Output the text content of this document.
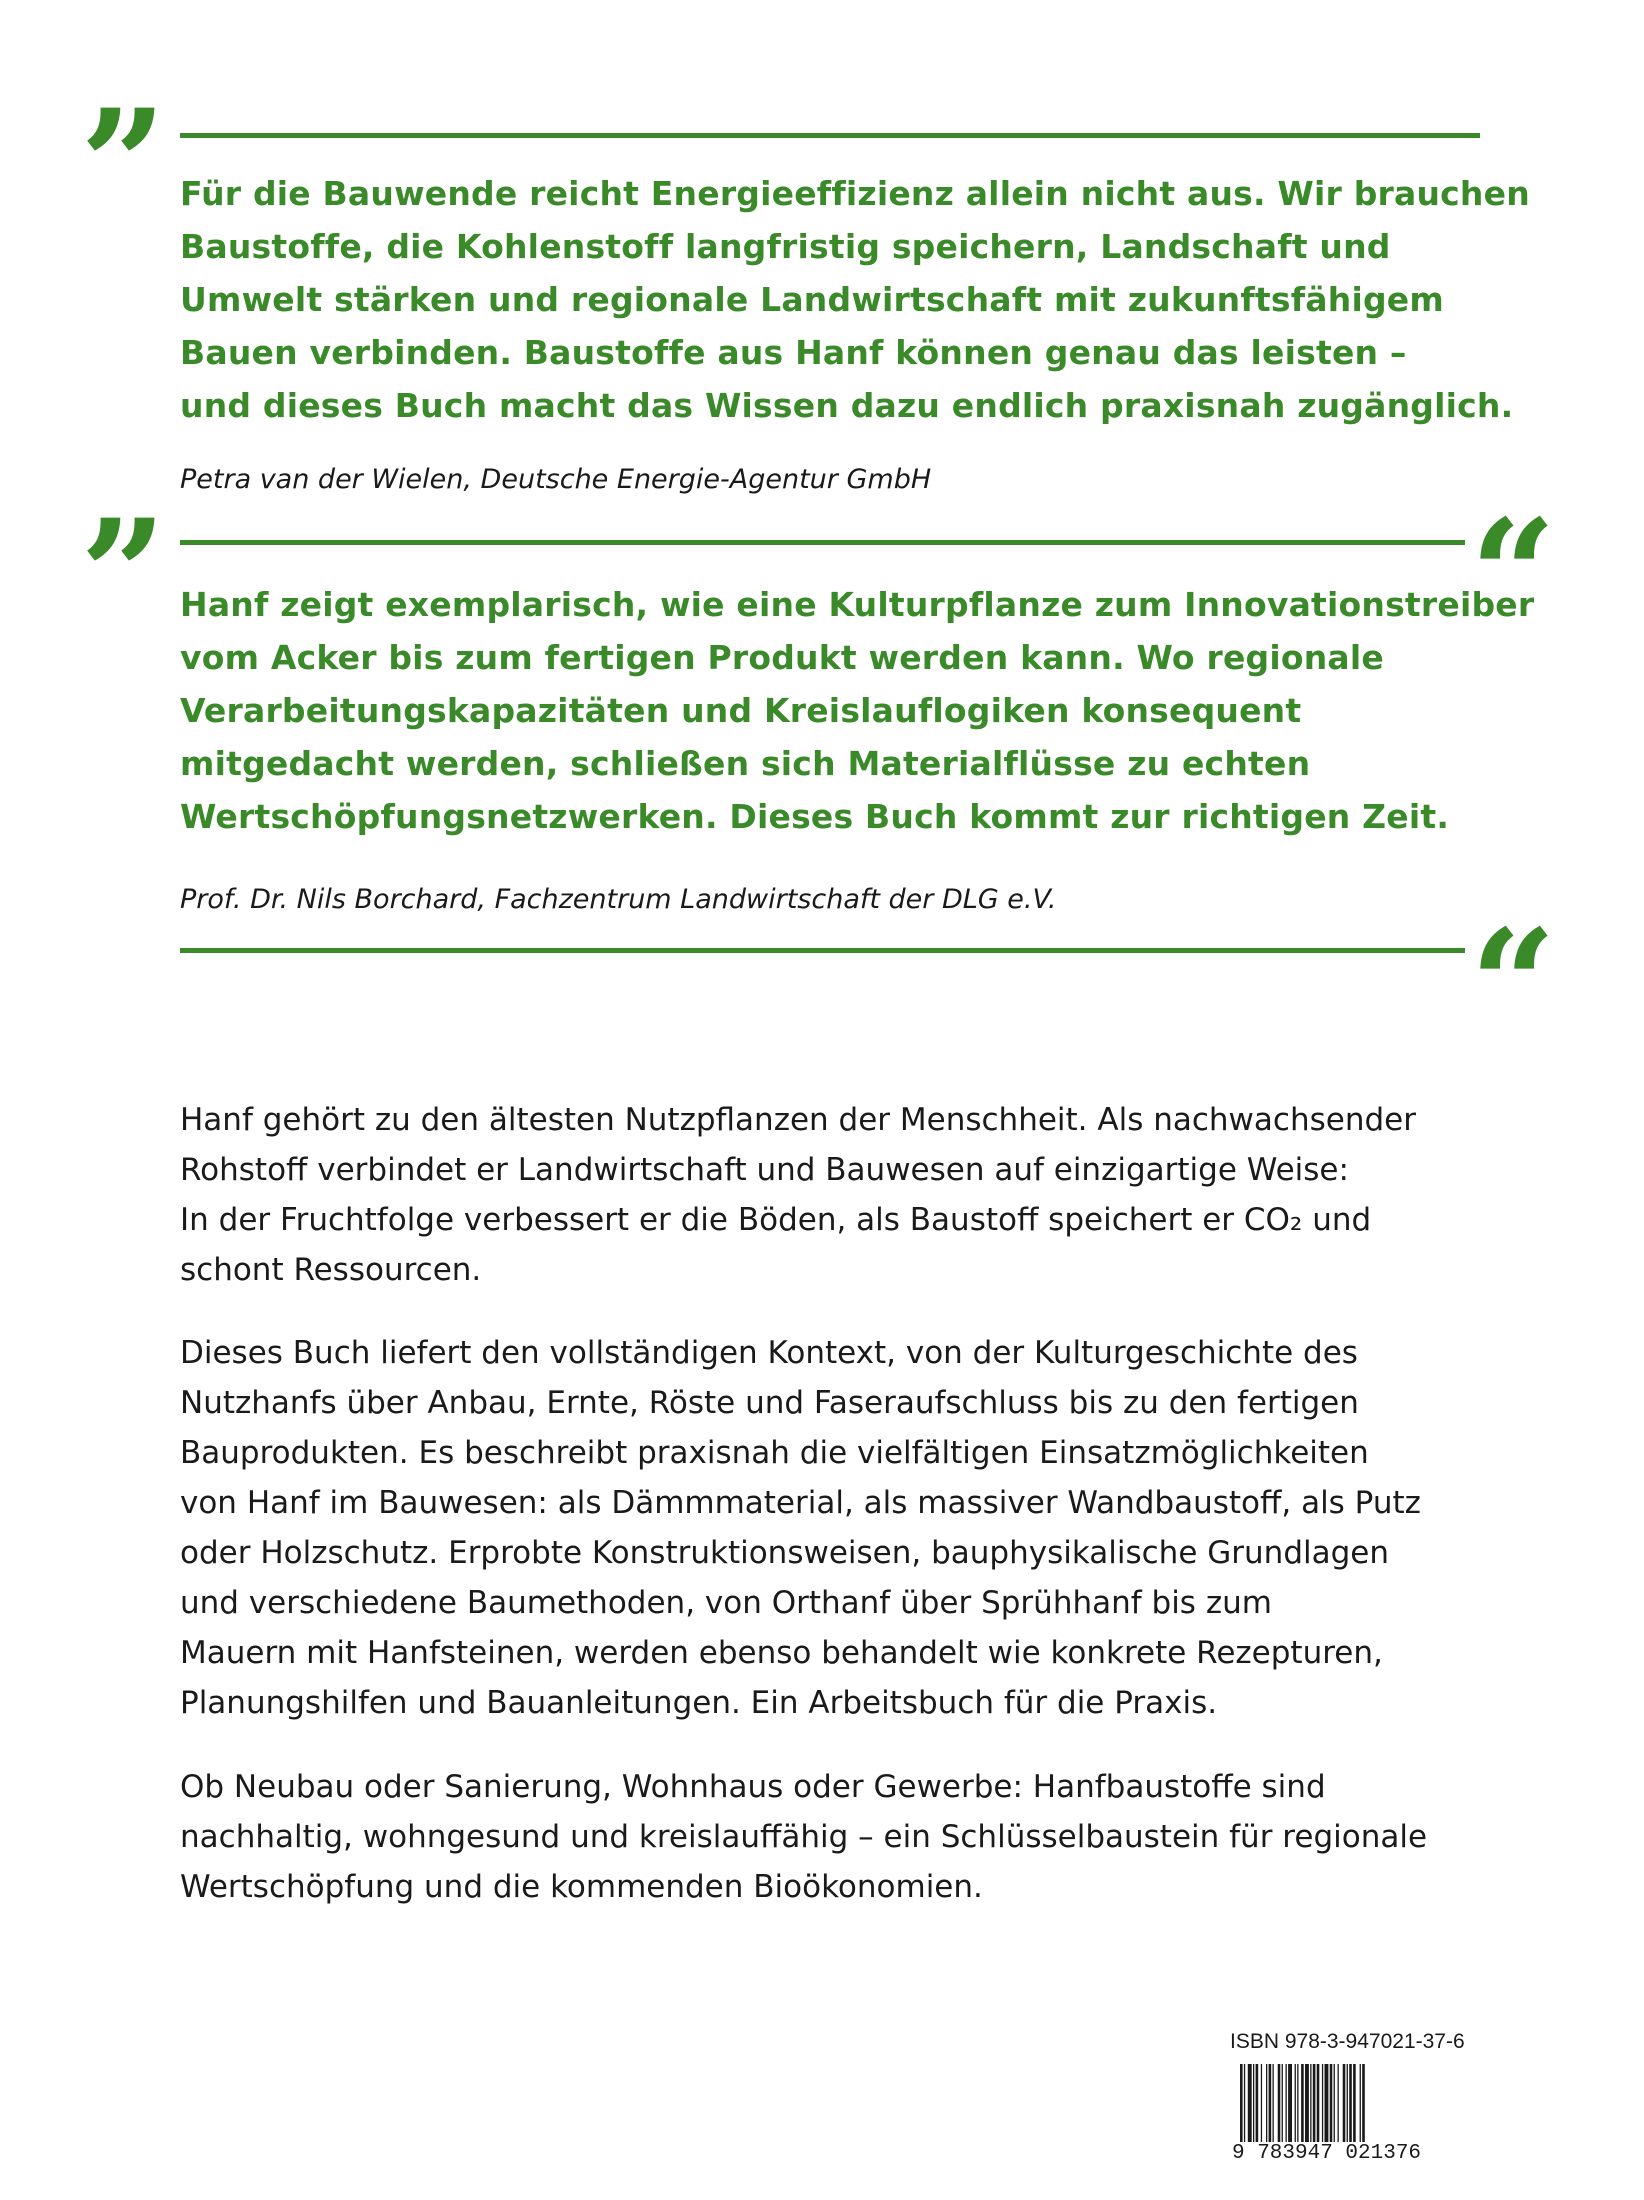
” Für die Bauwende reicht Energieeffizienz allein nicht aus. Wir brauchen
Baustoffe, die Kohlenstoff langfristig speichern, Landschaft und
Umwelt stärken und regionale Landwirtschaft mit zukunftsfähigem
Bauen verbinden. Baustoffe aus Hanf können genau das leisten –
und dieses Buch macht das Wissen dazu endlich praxisnah zugänglich.

Petra van der Wielen, Deutsche Energie-Agentur GmbH

”	“
Hanf zeigt exemplarisch, wie eine Kulturpflanze zum Innovationstreiber
vom Acker bis zum fertigen Produkt werden kann. Wo regionale
Verarbeitungskapazitäten und Kreislauflogiken konsequent
mitgedacht werden, schließen sich Materialflüsse zu echten
Wertschöpfungsnetzwerken. Dieses Buch kommt zur richtigen Zeit.

Prof. Dr. Nils Borchard, Fachzentrum Landwirtschaft der DLG e.V.	“
Hanf gehört zu den ältesten Nutzpflanzen der Menschheit. Als nachwachsender
Rohstoff verbindet er Landwirtschaft und Bauwesen auf einzigartige Weise:
In der Fruchtfolge verbessert er die Böden, als Baustoff speichert er CO₂ und
schont Ressourcen.
Dieses Buch liefert den vollständigen Kontext, von der Kulturgeschichte des
Nutzhanfs über Anbau, Ernte, Röste und Faseraufschluss bis zu den fertigen
Bauprodukten. Es beschreibt praxisnah die vielfältigen Einsatzmöglichkeiten
von Hanf im Bauwesen: als Dämmmaterial, als massiver Wandbaustoff, als Putz
oder Holzschutz. Erprobte Konstruktionsweisen, bauphysikalische Grundlagen
und verschiedene Baumethoden, von Orthanf über Sprühhanf bis zum
Mauern mit Hanfsteinen, werden ebenso behandelt wie konkrete Rezepturen,
Planungshilfen und Bauanleitungen. Ein Arbeitsbuch für die Praxis.
Ob Neubau oder Sanierung, Wohnhaus oder Gewerbe: Hanfbaustoffe sind
nachhaltig, wohngesund und kreislauffähig – ein Schlüsselbaustein für regionale
Wertschöpfung und die kommenden Bioökonomien.
ISBN 978-3-947021-37-6
9 783947 021376
